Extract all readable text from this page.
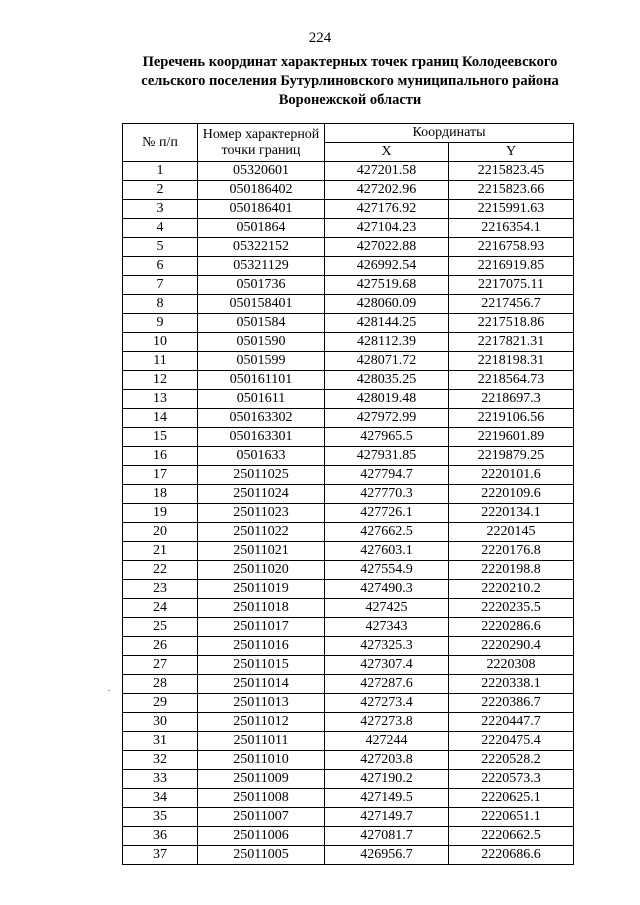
224
Перечень координат характерных точек границ Колодеевского
сельского поселения Бутурлиновского муниципального района
Воронежской области
№ п/п	Номер характерной точки границ	Координаты	
		X	Y
1	05320601	427201.58	2215823.45
2	050186402	427202.96	2215823.66
3	050186401	427176.92	2215991.63
4	0501864	427104.23	2216354.1
5	05322152	427022.88	2216758.93
6	05321129	426992.54	2216919.85
7	0501736	427519.68	2217075.11
8	050158401	428060.09	2217456.7
9	0501584	428144.25	2217518.86
10	0501590	428112.39	2217821.31
11	0501599	428071.72	2218198.31
12	050161101	428035.25	2218564.73
13	0501611	428019.48	2218697.3
14	050163302	427972.99	2219106.56
15	050163301	427965.5	2219601.89
16	0501633	427931.85	2219879.25
17	25011025	427794.7	2220101.6
18	25011024	427770.3	2220109.6
19	25011023	427726.1	2220134.1
20	25011022	427662.5	2220145
21	25011021	427603.1	2220176.8
22	25011020	427554.9	2220198.8
23	25011019	427490.3	2220210.2
24	25011018	427425	2220235.5
25	25011017	427343	2220286.6
26	25011016	427325.3	2220290.4
27	25011015	427307.4	2220308
28	25011014	427287.6	2220338.1
29	25011013	427273.4	2220386.7
30	25011012	427273.8	2220447.7
31	25011011	427244	2220475.4
32	25011010	427203.8	2220528.2
33	25011009	427190.2	2220573.3
34	25011008	427149.5	2220625.1
35	25011007	427149.7	2220651.1
36	25011006	427081.7	2220662.5
37	25011005	426956.7	2220686.6
